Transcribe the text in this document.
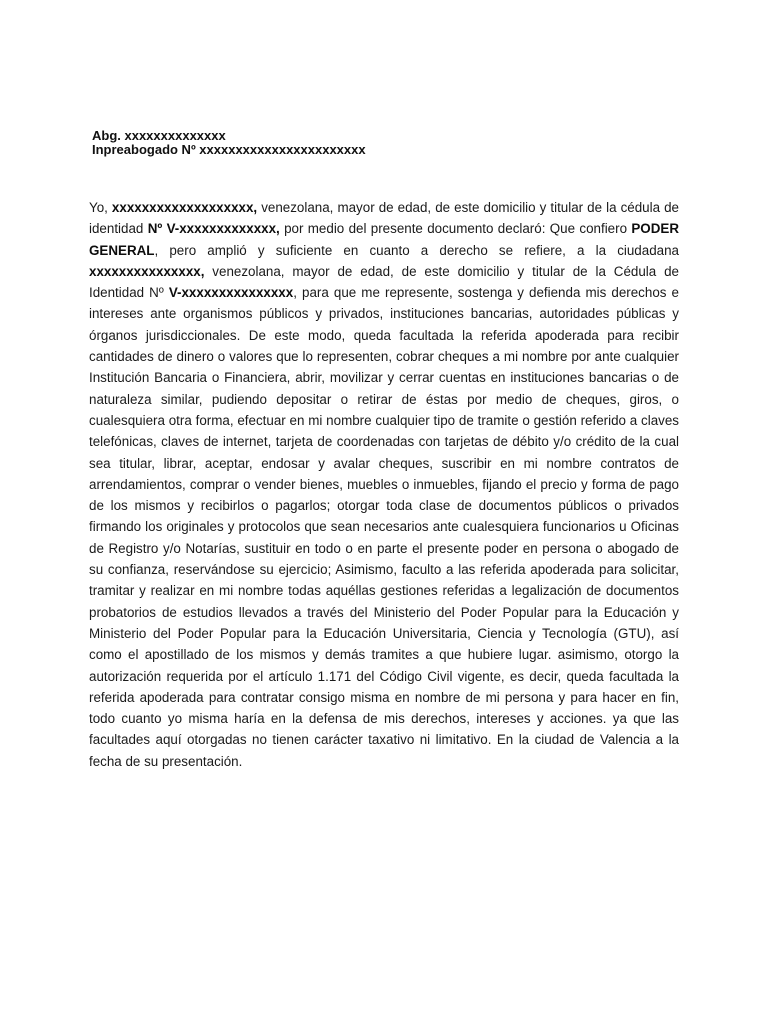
Abg. xxxxxxxxxxxxxx
Inpreabogado Nº xxxxxxxxxxxxxxxxxxxxxxx
Yo, xxxxxxxxxxxxxxxxxxx, venezolana, mayor de edad, de este domicilio y titular de la cédula de identidad Nº V-xxxxxxxxxxxxx, por medio del presente documento declaró: Que confiero PODER GENERAL, pero amplió y suficiente en cuanto a derecho se refiere, a la ciudadana xxxxxxxxxxxxxxx, venezolana, mayor de edad, de este domicilio y titular de la Cédula de Identidad Nº V-xxxxxxxxxxxxxxx, para que me represente, sostenga y defienda mis derechos e intereses ante organismos públicos y privados, instituciones bancarias, autoridades públicas y órganos jurisdiccionales. De este modo, queda facultada la referida apoderada para recibir cantidades de dinero o valores que lo representen, cobrar cheques a mi nombre por ante cualquier Institución Bancaria o Financiera, abrir, movilizar y cerrar cuentas en instituciones bancarias o de naturaleza similar, pudiendo depositar o retirar de éstas por medio de cheques, giros, o cualesquiera otra forma, efectuar en mi nombre cualquier tipo de tramite o gestión referido a claves telefónicas, claves de internet, tarjeta de coordenadas con tarjetas de débito y/o crédito de la cual sea titular, librar, aceptar, endosar y avalar cheques, suscribir en mi nombre contratos de arrendamientos, comprar o vender bienes, muebles o inmuebles, fijando el precio y forma de pago de los mismos y recibirlos o pagarlos; otorgar toda clase de documentos públicos o privados firmando los originales y protocolos que sean necesarios ante cualesquiera funcionarios u Oficinas de Registro y/o Notarías, sustituir en todo o en parte el presente poder en persona o abogado de su confianza, reservándose su ejercicio; Asimismo, faculto a las referida apoderada para solicitar, tramitar y realizar en mi nombre todas aquéllas gestiones referidas a legalización de documentos probatorios de estudios llevados a través del Ministerio del Poder Popular para la Educación y Ministerio del Poder Popular para la Educación Universitaria, Ciencia y Tecnología (GTU), así como el apostillado de los mismos y demás tramites a que hubiere lugar. asimismo, otorgo la autorización requerida por el artículo 1.171 del Código Civil vigente, es decir, queda facultada la referida apoderada para contratar consigo misma en nombre de mi persona y para hacer en fin, todo cuanto yo misma haría en la defensa de mis derechos, intereses y acciones. ya que las facultades aquí otorgadas no tienen carácter taxativo ni limitativo. En la ciudad de Valencia a la fecha de su presentación.
